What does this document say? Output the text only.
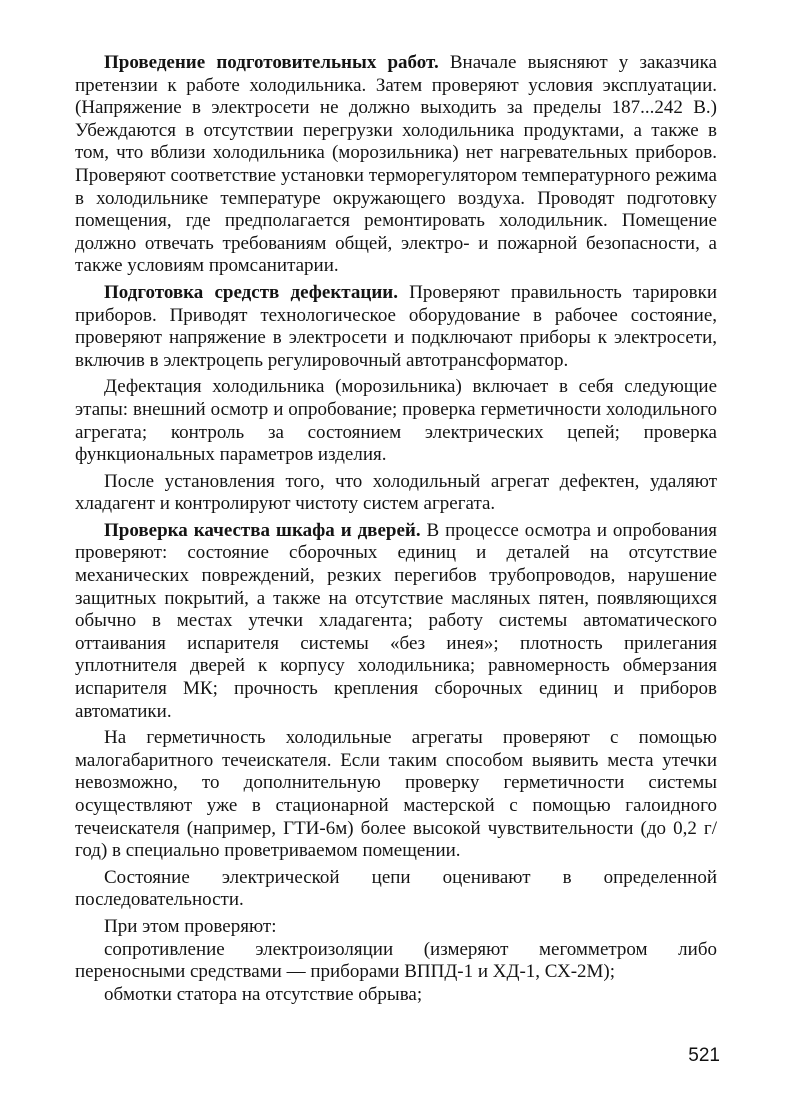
Проведение подготовительных работ. Вначале выясняют у заказчика претензии к работе холодильника. Затем проверяют условия эксплуатации. (Напряжение в электросети не должно выходить за пределы 187...242 В.) Убеждаются в отсутствии перегрузки холодильника продуктами, а также в том, что вблизи холодильника (морозильника) нет нагревательных приборов. Проверяют соответствие установки терморегулятором температурного режима в холодильнике температуре окружающего воздуха. Проводят подготовку помещения, где предполагается ремонтировать холодильник. Помещение должно отвечать требованиям общей, электро- и пожарной безопасности, а также условиям промсанитарии.

Подготовка средств дефектации. Проверяют правильность тарировки приборов. Приводят технологическое оборудование в рабочее состояние, проверяют напряжение в электросети и подключают приборы к электросети, включив в электроцепь регулировочный автотрансформатор.

Дефектация холодильника (морозильника) включает в себя следующие этапы: внешний осмотр и опробование; проверка герметичности холодильного агрегата; контроль за состоянием электрических цепей; проверка функциональных параметров изделия.

После установления того, что холодильный агрегат дефектен, удаляют хладагент и контролируют чистоту систем агрегата.

Проверка качества шкафа и дверей. В процессе осмотра и опробования проверяют: состояние сборочных единиц и деталей на отсутствие механических повреждений, резких перегибов трубопроводов, нарушение защитных покрытий, а также на отсутствие масляных пятен, появляющихся обычно в местах утечки хладагента; работу системы автоматического оттаивания испарителя системы «без инея»; плотность прилегания уплотнителя дверей к корпусу холодильника; равномерность обмерзания испарителя МК; прочность крепления сборочных единиц и приборов автоматики.

На герметичность холодильные агрегаты проверяют с помощью малогабаритного течеискателя. Если таким способом выявить места утечки невозможно, то дополнительную проверку герметичности системы осуществляют уже в стационарной мастерской с помощью галоидного течеискателя (например, ГТИ-6м) более высокой чувствительности (до 0,2 г/год) в специально проветриваемом помещении.

Состояние электрической цепи оценивают в определенной последовательности.

При этом проверяют:

сопротивление электроизоляции (измеряют мегомметром либо переносными средствами — приборами ВППД-1 и ХД-1, СХ-2М);

обмотки статора на отсутствие обрыва;

521
